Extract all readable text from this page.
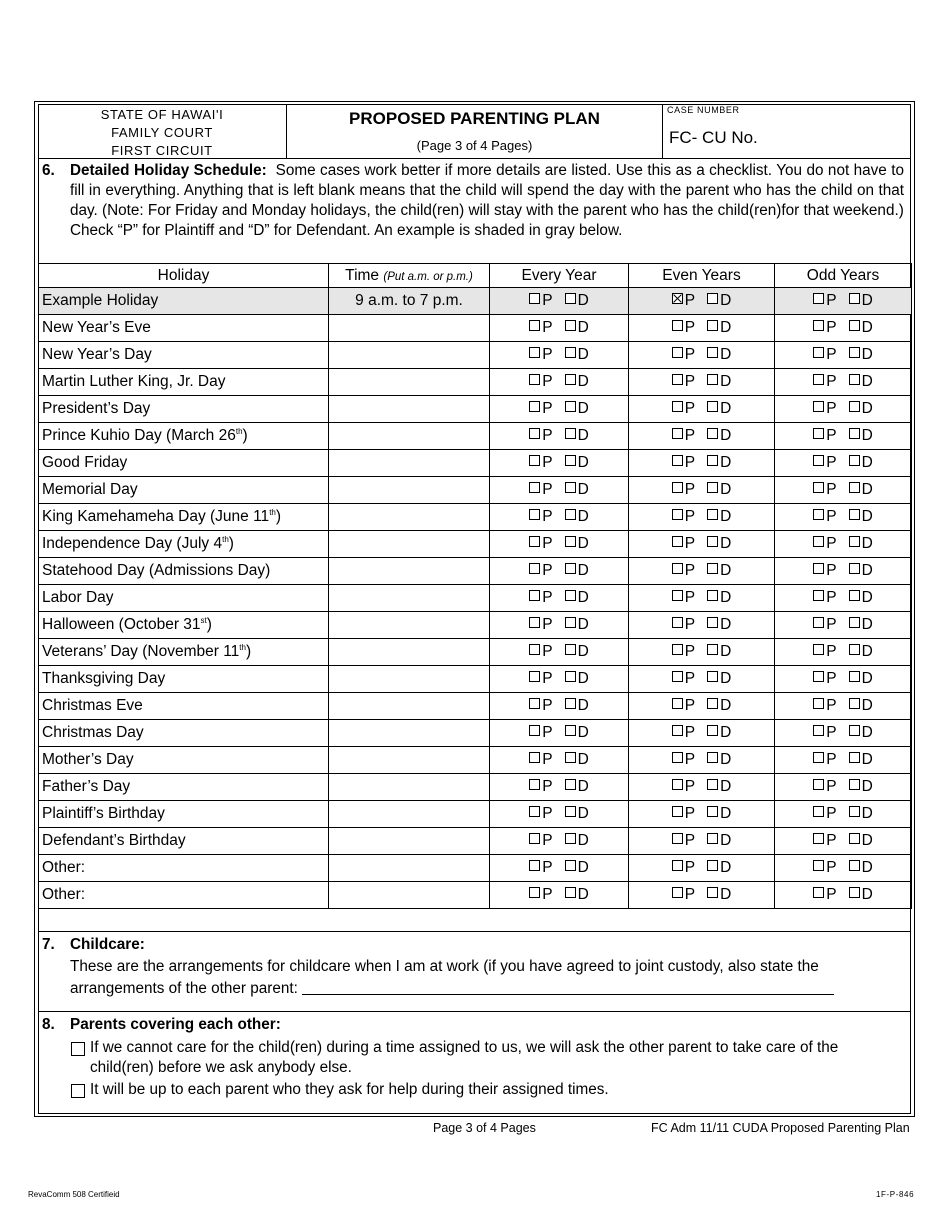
STATE OF HAWAI'I
FAMILY COURT
FIRST CIRCUIT
PROPOSED PARENTING PLAN
(Page 3 of 4 Pages)
CASE NUMBER
FC- CU No.
6. Detailed Holiday Schedule: Some cases work better if more details are listed. Use this as a checklist. You do not have to fill in everything. Anything that is left blank means that the child will spend the day with the parent who has the child on that day. (Note: For Friday and Monday holidays, the child(ren) will stay with the parent who has the child(ren)for that weekend.)
Check “P” for Plaintiff and “D” for Defendant. An example is shaded in gray below.
Holiday	Time (Put a.m. or p.m.)	Every Year	Even Years	Odd Years
Example Holiday	9 a.m. to 7 p.m.	P D	P D	P D
New Year’s Eve		P D	P D	P D
New Year’s Day		P D	P D	P D
Martin Luther King, Jr. Day		P D	P D	P D
President’s Day		P D	P D	P D
Prince Kuhio Day (March 26th)		P D	P D	P D
Good Friday		P D	P D	P D
Memorial Day		P D	P D	P D
King Kamehameha Day (June 11th)		P D	P D	P D
Independence Day (July 4th)		P D	P D	P D
Statehood Day (Admissions Day)		P D	P D	P D
Labor Day		P D	P D	P D
Halloween (October 31st)		P D	P D	P D
Veterans’ Day (November 11th)		P D	P D	P D
Thanksgiving Day		P D	P D	P D
Christmas Eve		P D	P D	P D
Christmas Day		P D	P D	P D
Mother’s Day		P D	P D	P D
Father’s Day		P D	P D	P D
Plaintiff’s Birthday		P D	P D	P D
Defendant’s Birthday		P D	P D	P D
Other:		P D	P D	P D
Other:		P D	P D	P D
7. Childcare:
These are the arrangements for childcare when I am at work (if you have agreed to joint custody, also state the arrangements of the other parent:
8. Parents covering each other:
If we cannot care for the child(ren) during a time assigned to us, we will ask the other parent to take care of the child(ren) before we ask anybody else.
It will be up to each parent who they ask for help during their assigned times.
Page 3 of 4 Pages	FC Adm 11/11 CUDA Proposed Parenting Plan
RevaComm 508 Certifieid	1F-P-846
